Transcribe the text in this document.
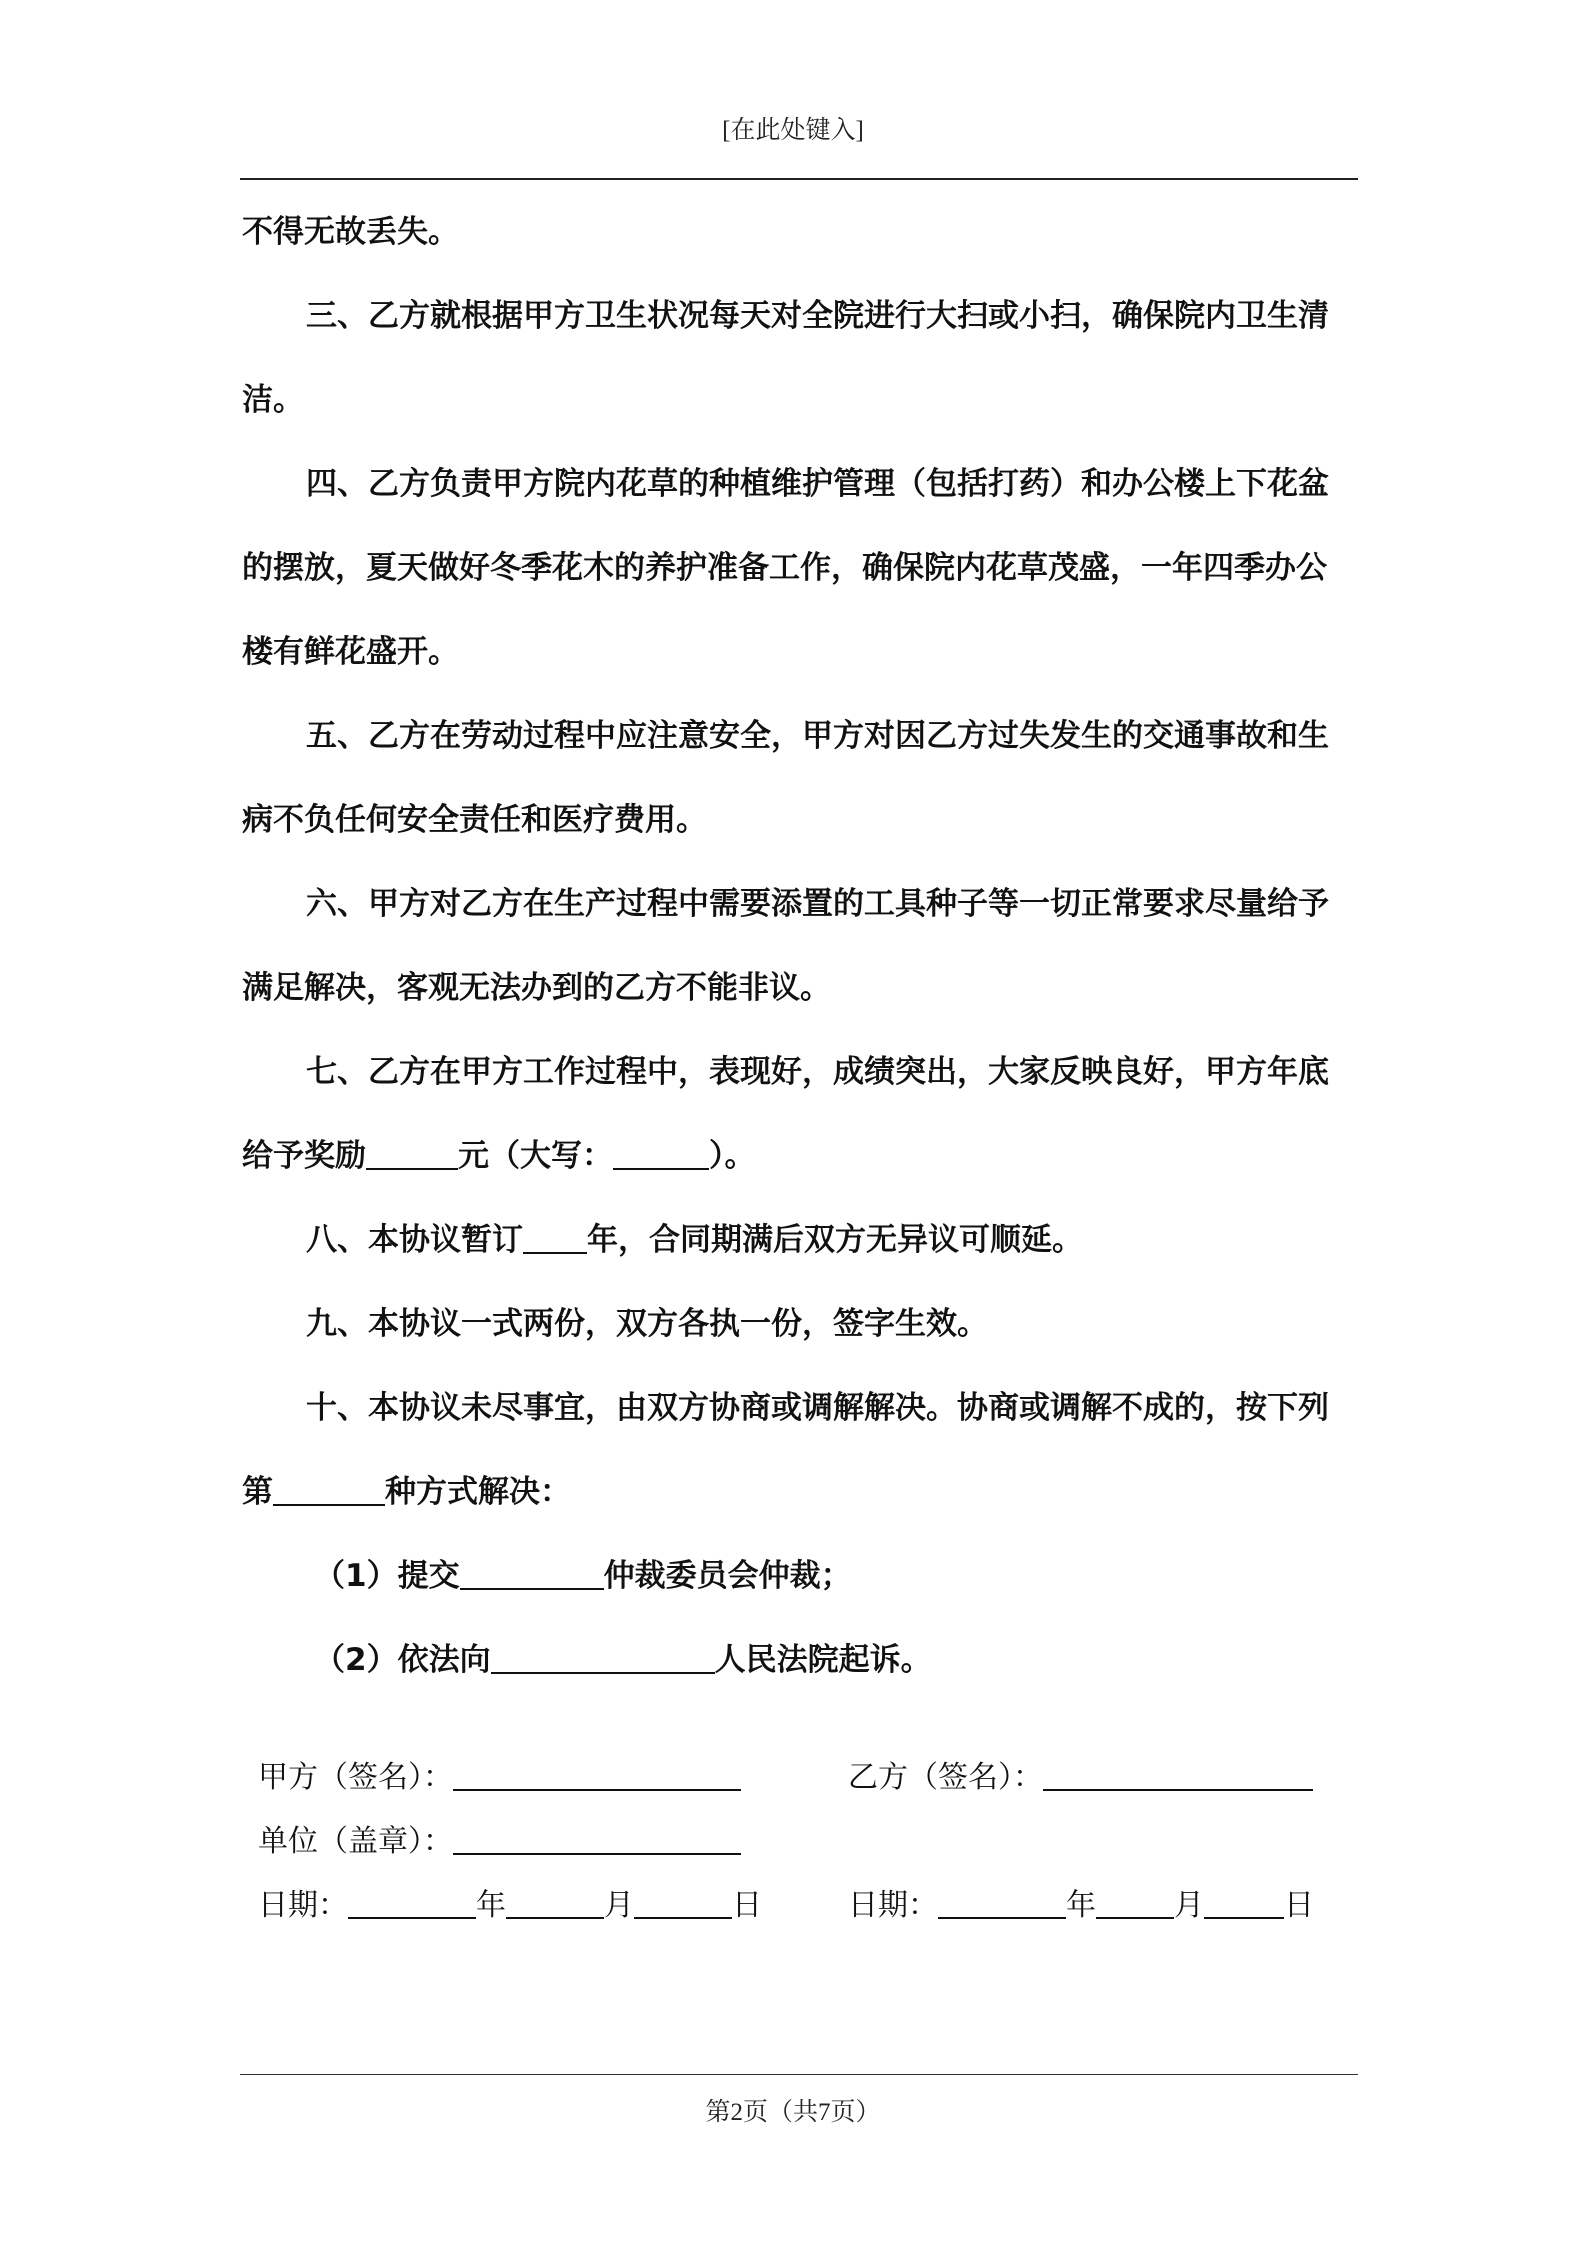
[在此处键入]
不得无故丢失。
三、乙方就根据甲方卫生状况每天对全院进行大扫或小扫，确保院内卫生清
洁。
四、乙方负责甲方院内花草的种植维护管理（包括打药）和办公楼上下花盆
的摆放，夏天做好冬季花木的养护准备工作，确保院内花草茂盛，一年四季办公
楼有鲜花盛开。
五、乙方在劳动过程中应注意安全，甲方对因乙方过失发生的交通事故和生
病不负任何安全责任和医疗费用。
六、甲方对乙方在生产过程中需要添置的工具种子等一切正常要求尽量给予
满足解决，客观无法办到的乙方不能非议。
七、乙方在甲方工作过程中，表现好，成绩突出，大家反映良好，甲方年底
给予奖励	元（大写：	）。
八、本协议暂订 年，合同期满后双方无异议可顺延。
九、本协议一式两份，双方各执一份，签字生效。
十、本协议未尽事宜，由双方协商或调解解决。协商或调解不成的，按下列
第	种方式解决：
（1）提交	仲裁委员会仲裁；
（2）依法向	人民法院起诉。
甲方（签名）：	乙方（签名）：
单位（盖章）：
日期：	年	月	日	日期：	年	月	日
第2页（共7页）
